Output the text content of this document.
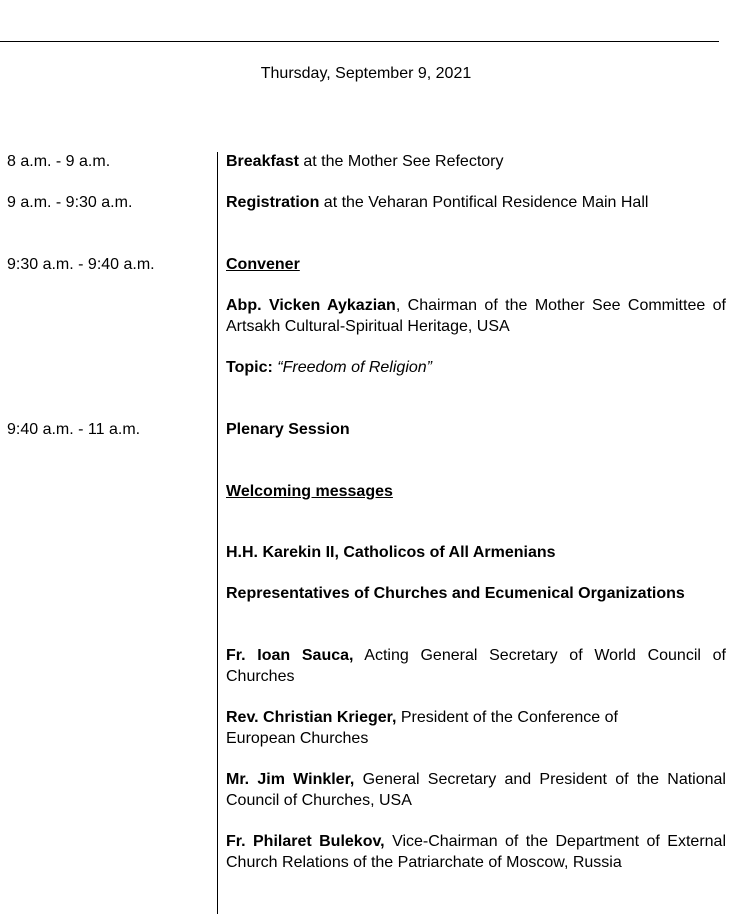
Thursday, September 9, 2021
8 a.m. - 9 a.m.
9 a.m. - 9:30 a.m.
9:30 a.m. - 9:40 a.m.
9:40 a.m. - 11 a.m.
Breakfast at the Mother See Refectory
Registration at the Veharan Pontifical Residence Main Hall
Convener
Abp. Vicken Aykazian, Chairman of the Mother See Committee of Artsakh Cultural-Spiritual Heritage, USA
Topic: “Freedom of Religion”
Plenary Session
Welcoming messages
H.H. Karekin II, Catholicos of All Armenians
Representatives of Churches and Ecumenical Organizations
Fr. Ioan Sauca, Acting General Secretary of World Council of Churches
Rev. Christian Krieger, President of the Conference of European Churches
Mr. Jim Winkler, General Secretary and President of the National Council of Churches, USA
Fr. Philaret Bulekov, Vice-Chairman of the Department of External Church Relations of the Patriarchate of Moscow, Russia
